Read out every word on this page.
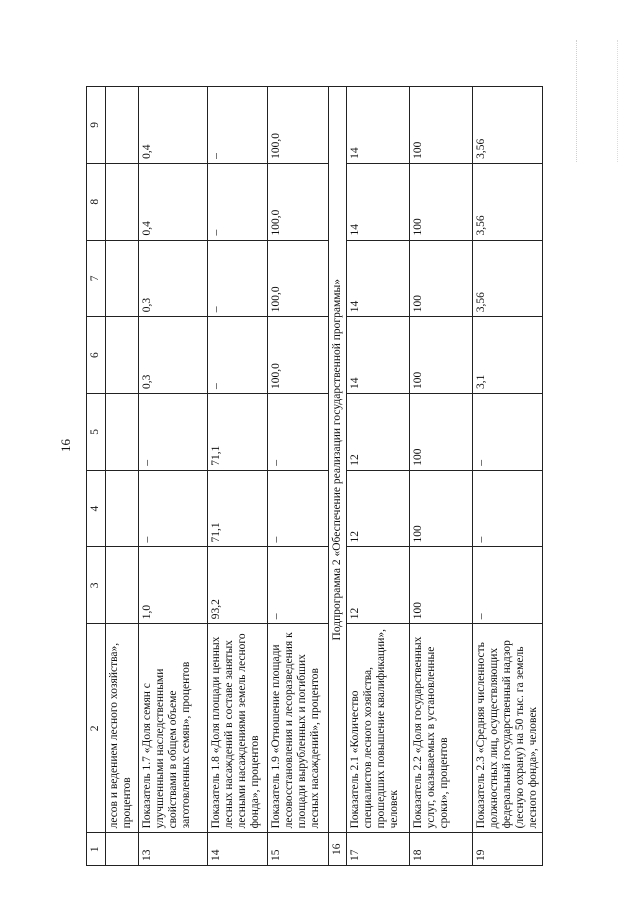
16
1	2	3	4	5	6	7	8	9
	лесов и ведением лесного хозяйства», процентов							
13	Показатель 1.7 «Доля семян с улучшенными наследственными свойствами в общем объеме заготовленных семян», процентов	1,0	–	–	0,3	0,3	0,4	0,4
14	Показатель 1.8 «Доля площади ценных лесных насаждений в составе занятых лесными насаждениями земель лесного фонда», процентов	93,2	71,1	71,1	–	–	–	–
15	Показатель 1.9 «Отношение площади лесовосстановления и лесоразведения к площади вырубленных и погибших лесных насаждений», процентов	–	–	–	100,0	100,0	100,0	100,0
16	Подпрограмма 2 «Обеспечение реализации государственной программы»							
17	Показатель 2.1 «Количество специалистов лесного хозяйства, прошедших повышение квалификации», человек	12	12	12	14	14	14	14
18	Показатель 2.2 «Доля государственных услуг, оказываемых в установленные сроки», процентов	100	100	100	100	100	100	100
19	Показатель 2.3 «Средняя численность должностных лиц, осуществляющих федеральный государственный надзор (лесную охрану) на 50 тыс. га земель лесного фонда», человек	–	–	–	3,1	3,56	3,56	3,56
